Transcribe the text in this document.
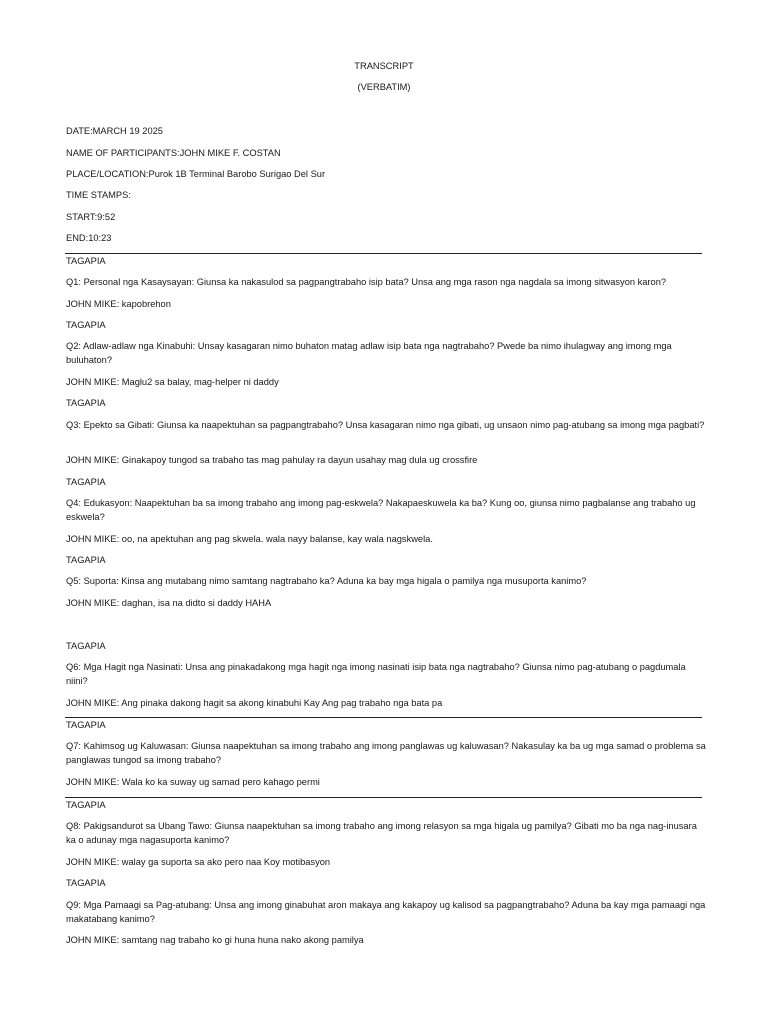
TRANSCRIPT
(VERBATIM)
DATE:MARCH 19 2025
NAME OF PARTICIPANTS:JOHN MIKE F. COSTAN
PLACE/LOCATION:Purok 1B Terminal Barobo Surigao Del Sur
TIME STAMPS:
START:9:52
END:10:23
TAGAPIA
Q1: Personal nga Kasaysayan: Giunsa ka nakasulod sa pagpangtrabaho isip bata? Unsa ang mga rason nga nagdala sa imong sitwasyon karon?
JOHN MIKE: kapobrehon
TAGAPIA
Q2: Adlaw-adlaw nga Kinabuhi: Unsay kasagaran nimo buhaton matag adlaw isip bata nga nagtrabaho? Pwede ba nimo ihulagway ang imong mga buluhaton?
JOHN MIKE: Maglu2 sa balay, mag-helper ni daddy
TAGAPIA
Q3: Epekto sa Gibati: Giunsa ka naapektuhan sa pagpangtrabaho? Unsa kasagaran nimo nga gibati, ug unsaon nimo pag-atubang sa imong mga pagbati?
JOHN MIKE: Ginakapoy tungod sa trabaho tas mag pahulay ra dayun usahay mag dula ug crossfire
TAGAPIA
Q4: Edukasyon: Naapektuhan ba sa imong trabaho ang imong pag-eskwela? Nakapaeskuwela ka ba? Kung oo, giunsa nimo pagbalanse ang trabaho ug eskwela?
JOHN MIKE: oo, na apektuhan ang pag skwela. wala nayy balanse, kay wala nagskwela.
TAGAPIA
Q5: Suporta: Kinsa ang mutabang nimo samtang nagtrabaho ka? Aduna ka bay mga higala o pamilya nga musuporta kanimo?
JOHN MIKE: daghan, isa na didto si daddy HAHA
TAGAPIA
Q6: Mga Hagit nga Nasinati: Unsa ang pinakadakong mga hagit nga imong nasinati isip bata nga nagtrabaho? Giunsa nimo pag-atubang o pagdumala niini?
JOHN MIKE: Ang pinaka dakong hagit sa akong kinabuhi Kay Ang pag trabaho nga bata pa
TAGAPIA
Q7: Kahimsog ug Kaluwasan: Giunsa naapektuhan sa imong trabaho ang imong panglawas ug kaluwasan? Nakasulay ka ba ug mga samad o problema sa panglawas tungod sa imong trabaho?
JOHN MIKE: Wala ko ka suway ug samad pero kahago permi
TAGAPIA
Q8: Pakigsandurot sa Ubang Tawo: Giunsa naapektuhan sa imong trabaho ang imong relasyon sa mga higala ug pamilya? Gibati mo ba nga nag-inusara ka o adunay mga nagasuporta kanimo?
JOHN MIKE: walay ga suporta sa ako pero naa Koy motibasyon
TAGAPIA
Q9: Mga Pamaagi sa Pag-atubang: Unsa ang imong ginabuhat aron makaya ang kakapoy ug kalisod sa pagpangtrabaho? Aduna ba kay mga pamaagi nga makatabang kanimo?
JOHN MIKE: samtang nag trabaho ko gi huna huna nako akong pamilya
